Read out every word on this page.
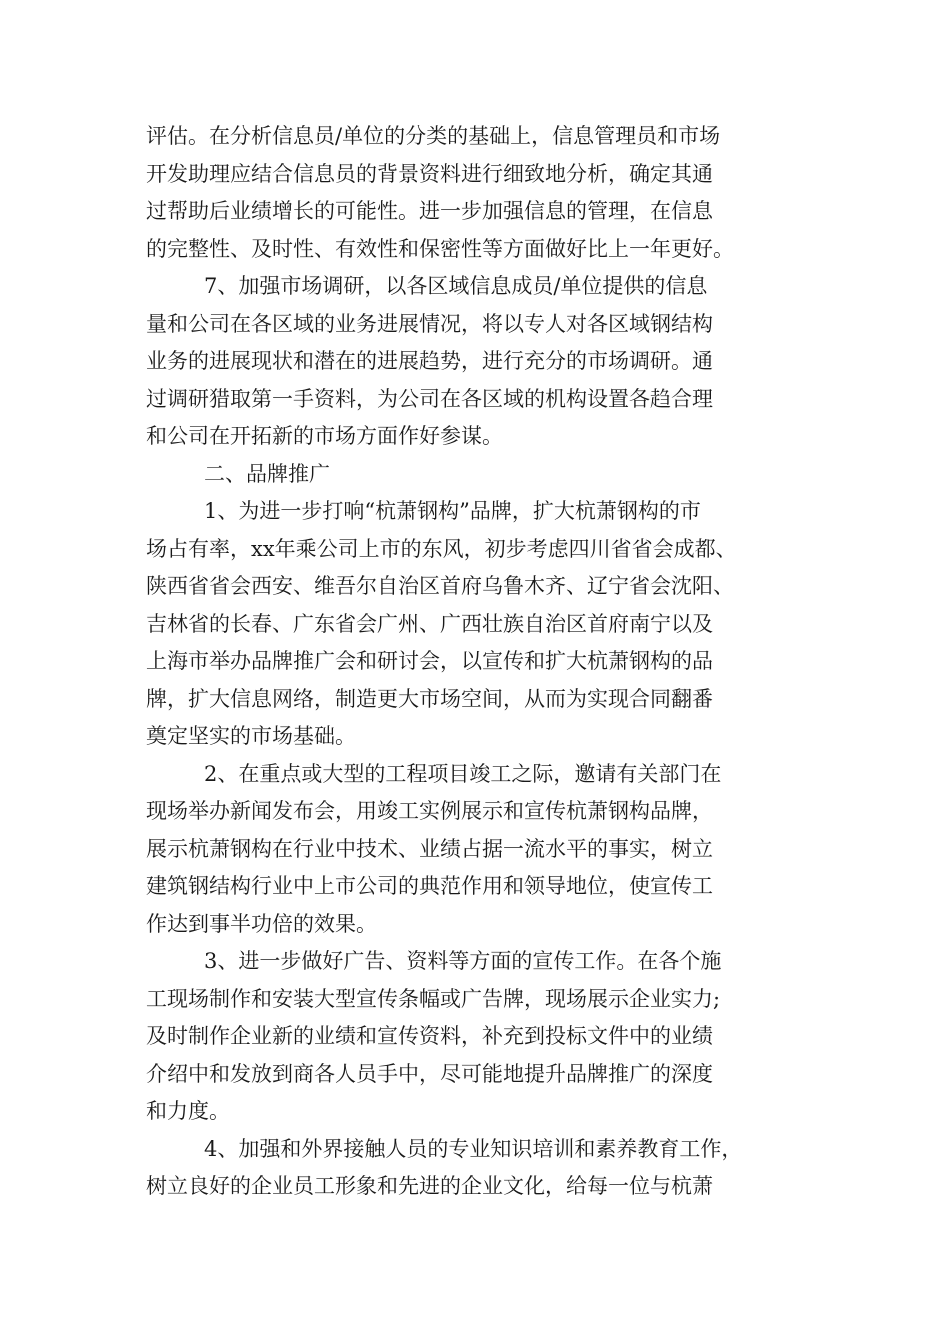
评估。在分析信息员/单位的分类的基础上，信息管理员和市场
开发助理应结合信息员的背景资料进行细致地分析，确定其通
过帮助后业绩增长的可能性。进一步加强信息的管理，在信息
的完整性、及时性、有效性和保密性等方面做好比上一年更好。
7、加强市场调研，以各区域信息成员/单位提供的信息
量和公司在各区域的业务进展情况，将以专人对各区域钢结构
业务的进展现状和潜在的进展趋势，进行充分的市场调研。通
过调研猎取第一手资料，为公司在各区域的机构设置各趋合理
和公司在开拓新的市场方面作好参谋。
二、品牌推广
1、为进一步打响“杭萧钢构”品牌，扩大杭萧钢构的市
场占有率，xx年乘公司上市的东风，初步考虑四川省省会成都、
陕西省省会西安、维吾尔自治区首府乌鲁木齐、辽宁省会沈阳、
吉林省的长春、广东省会广州、广西壮族自治区首府南宁以及
上海市举办品牌推广会和研讨会，以宣传和扩大杭萧钢构的品
牌，扩大信息网络，制造更大市场空间，从而为实现合同翻番
奠定坚实的市场基础。
2、在重点或大型的工程项目竣工之际，邀请有关部门在
现场举办新闻发布会，用竣工实例展示和宣传杭萧钢构品牌，
展示杭萧钢构在行业中技术、业绩占据一流水平的事实，树立
建筑钢结构行业中上市公司的典范作用和领导地位，使宣传工
作达到事半功倍的效果。
3、进一步做好广告、资料等方面的宣传工作。在各个施
工现场制作和安装大型宣传条幅或广告牌，现场展示企业实力;
及时制作企业新的业绩和宣传资料，补充到投标文件中的业绩
介绍中和发放到商各人员手中，尽可能地提升品牌推广的深度
和力度。
4、加强和外界接触人员的专业知识培训和素养教育工作，
树立良好的企业员工形象和先进的企业文化，给每一位与杭萧
